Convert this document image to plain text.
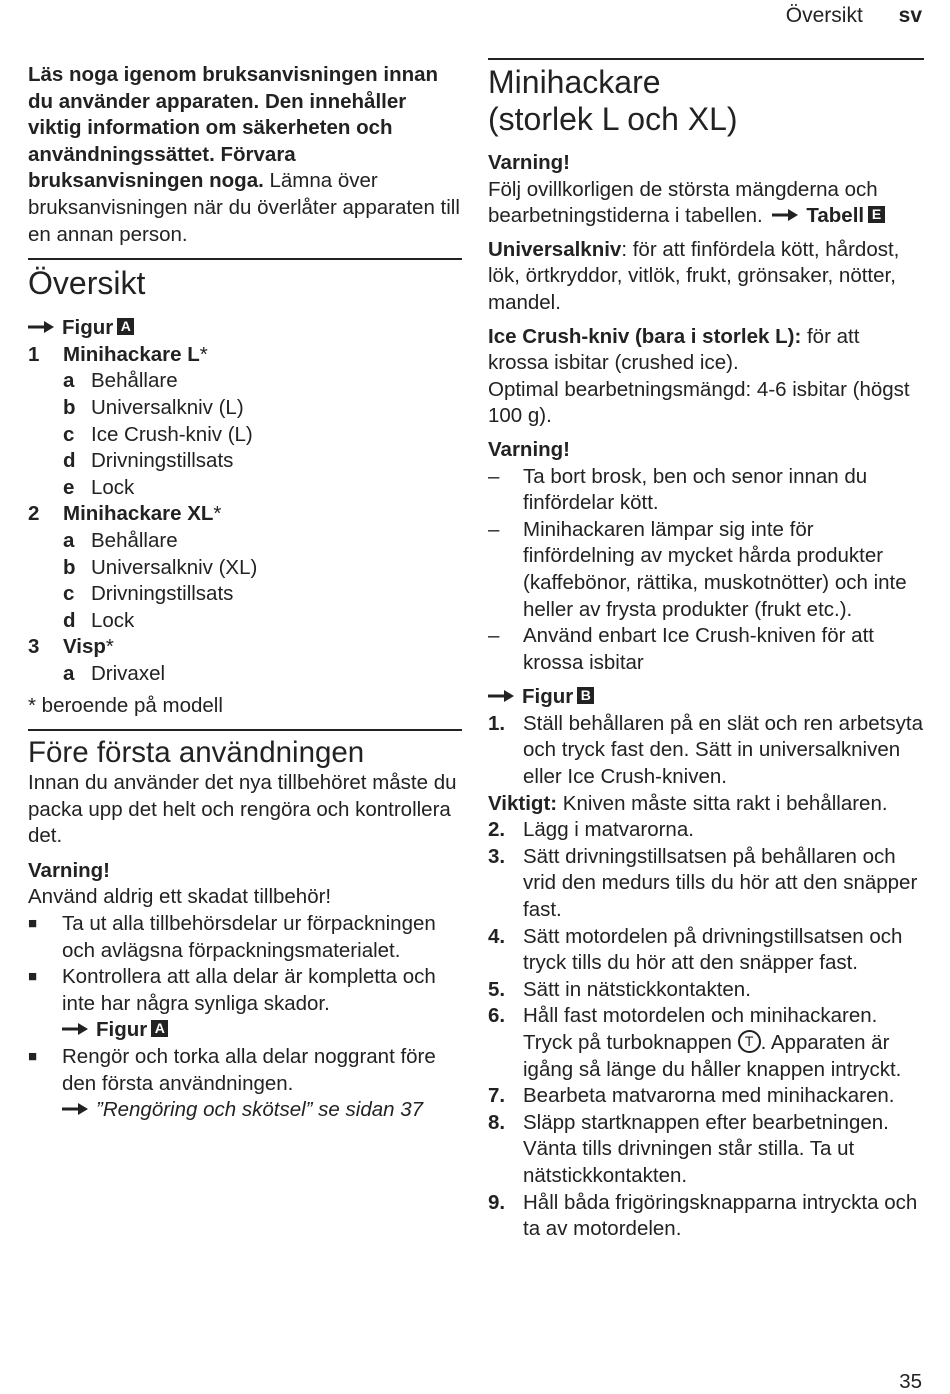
Översikt sv

Läs noga igenom bruksanvisningen innan du använder apparaten. Den innehåller viktig information om säkerheten och användningssättet. Förvara bruksanvisningen noga. Lämna över bruksanvisningen när du överlåter apparaten till en annan person.

Översikt
Figur A
1	Minihackare L*
a Behållare
b Universalkniv (L)
c Ice Crush-kniv (L)
d Drivningstillsats
e Lock
2	Minihackare XL*
a Behållare
b Universalkniv (XL)
c Drivningstillsats
d Lock
3	Visp*
a Drivaxel

* beroende på modell

Före första användningen

Innan du använder det nya tillbehöret måste du packa upp det helt och rengöra och kontrollera det.

Varning!

Använd aldrig ett skadat tillbehör!

■	Ta ut alla tillbehörsdelar ur förpackningen och avlägsna förpackningsmaterialet.
■	Kontrollera att alla delar är kompletta och inte har några synliga skador.
Figur A
■	Rengör och torka alla delar noggrant före den första användningen.
”Rengöring och skötsel” se sidan 37
Minihackare
(storlek L och XL)

Varning!

Följ ovillkorligen de största mängderna och bearbetningstiderna i tabellen. Tabell E

Universalkniv: för att finfördela kött, hårdost, lök, örtkryddor, vitlök, frukt, grönsaker, nötter, mandel.

Ice Crush-kniv (bara i storlek L): för att krossa isbitar (crushed ice).

Optimal bearbetningsmängd: 4-6 isbitar (högst 100 g).

Varning!

–	Ta bort brosk, ben och senor innan du finfördelar kött.
–	Minihackaren lämpar sig inte för finfördelning av mycket hårda produkter (kaffebönor, rättika, muskotnötter) och inte heller av frysta produkter (frukt etc.).
–	Använd enbart Ice Crush-kniven för att krossa isbitar
Figur B
1. Ställ behållaren på en slät och ren arbetsyta och tryck fast den. Sätt in universalkniven eller Ice Crush-kniven.

Viktigt: Kniven måste sitta rakt i behållaren.

2. Lägg i matvarorna.
3. Sätt drivningstillsatsen på behållaren och vrid den medurs tills du hör att den snäpper fast.
4. Sätt motordelen på drivningstillsatsen och tryck tills du hör att den snäpper fast.
5. Sätt in nätstickkontakten.
6. Håll fast motordelen och minihackaren. Tryck på turboknappen T . Apparaten är igång så länge du håller knappen intryckt.
7. Bearbeta matvarorna med minihackaren.
8. Släpp startknappen efter bearbetningen. Vänta tills drivningen står stilla. Ta ut nätstickkontakten.
9. Håll båda frigöringsknapparna intryckta och ta av motordelen.
35
